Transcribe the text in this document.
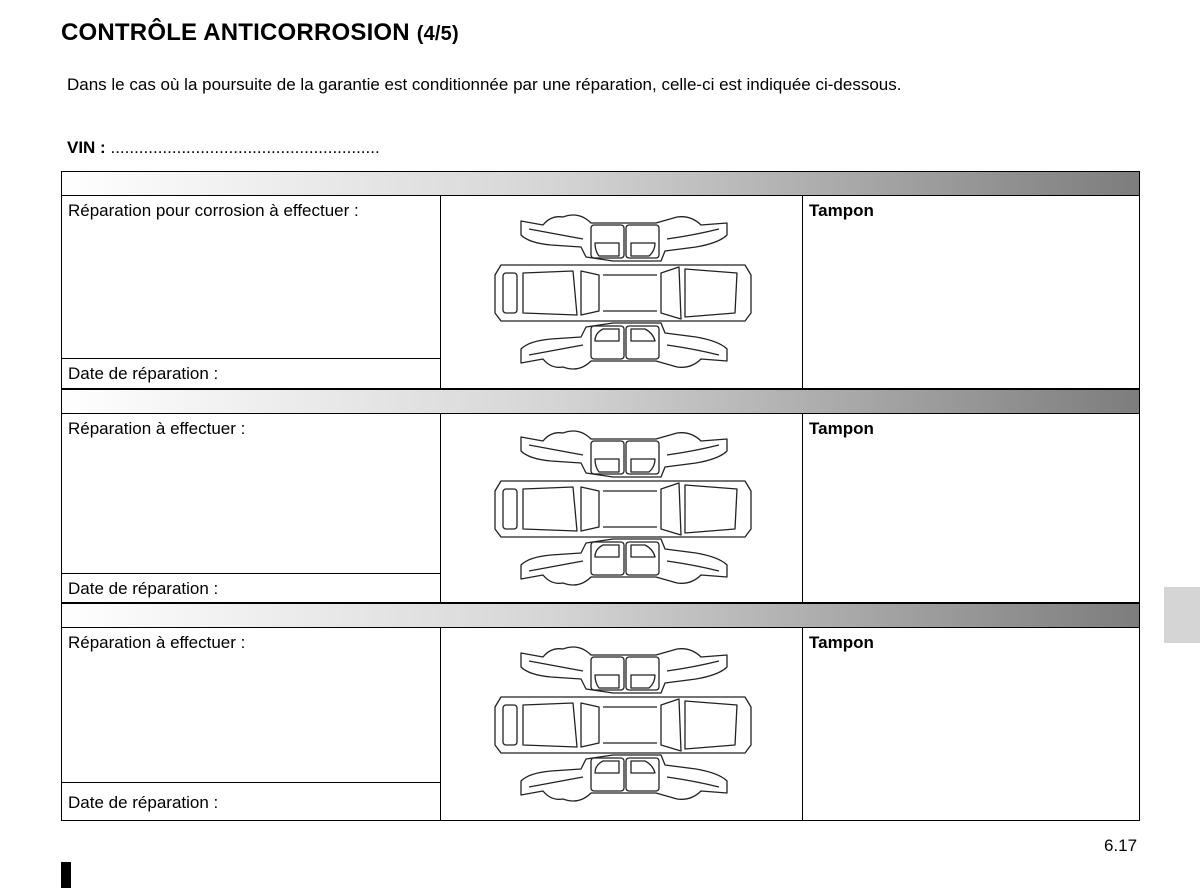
CONTRÔLE ANTICORROSION (4/5)
Dans le cas où la poursuite de la garantie est conditionnée par une réparation, celle-ci est indiquée ci-dessous.
VIN : .........................................................
Réparation pour corrosion à effectuer :
Date de réparation :
Tampon
Réparation à effectuer :
Date de réparation :
Tampon
Réparation à effectuer :
Date de réparation :
Tampon
6.17
